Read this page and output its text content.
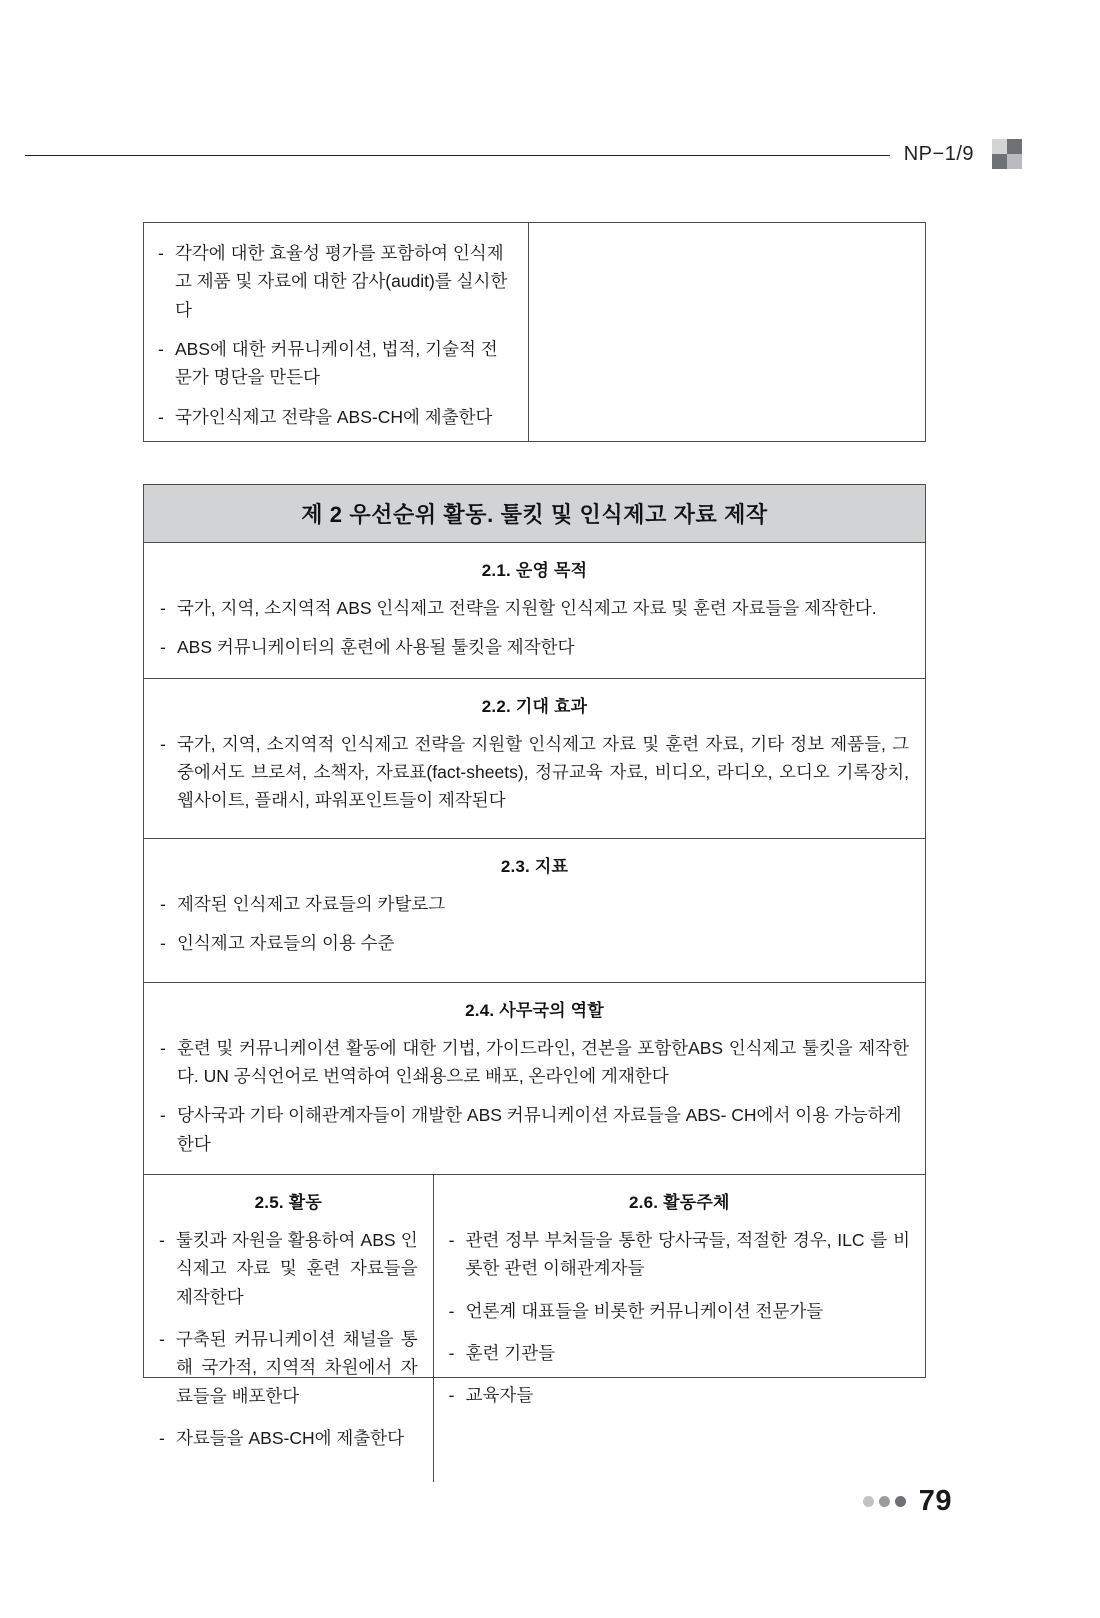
NP−1/9
- 각각에 대한 효율성 평가를 포함하여 인식제고 제품 및 자료에 대한 감사(audit)를 실시한다
- ABS에 대한 커뮤니케이션, 법적, 기술적 전문가 명단을 만든다
- 국가인식제고 전략을 ABS-CH에 제출한다
제 2 우선순위 활동. 툴킷 및 인식제고 자료 제작
2.1. 운영 목적
- 국가, 지역, 소지역적 ABS 인식제고 전략을 지원할 인식제고 자료 및 훈련 자료들을 제작한다.
- ABS 커뮤니케이터의 훈련에 사용될 툴킷을 제작한다
2.2. 기대 효과
- 국가, 지역, 소지역적 인식제고 전략을 지원할 인식제고 자료 및 훈련 자료, 기타 정보 제품들, 그 중에서도 브로셔, 소책자, 자료표(fact-sheets), 정규교육 자료, 비디오, 라디오, 오디오 기록장치, 웹사이트, 플래시, 파워포인트들이 제작된다
2.3. 지표
- 제작된 인식제고 자료들의 카탈로그
- 인식제고 자료들의 이용 수준
2.4. 사무국의 역할
- 훈련 및 커뮤니케이션 활동에 대한 기법, 가이드라인, 견본을 포함한ABS 인식제고 툴킷을 제작한다. UN 공식언어로 번역하여 인쇄용으로 배포, 온라인에 게재한다
- 당사국과 기타 이해관계자들이 개발한 ABS 커뮤니케이션 자료들을 ABS- CH에서 이용 가능하게 한다
2.5. 활동
- 툴킷과 자원을 활용하여 ABS 인식제고 자료 및 훈련 자료들을 제작한다
- 구축된 커뮤니케이션 채널을 통해 국가적, 지역적 차원에서 자료들을 배포한다
- 자료들을 ABS-CH에 제출한다
2.6. 활동주체
- 관련 정부 부처들을 통한 당사국들, 적절한 경우, ILC 를 비롯한 관련 이해관계자들
- 언론계 대표들을 비롯한 커뮤니케이션 전문가들
- 훈련 기관들
- 교육자들
79
